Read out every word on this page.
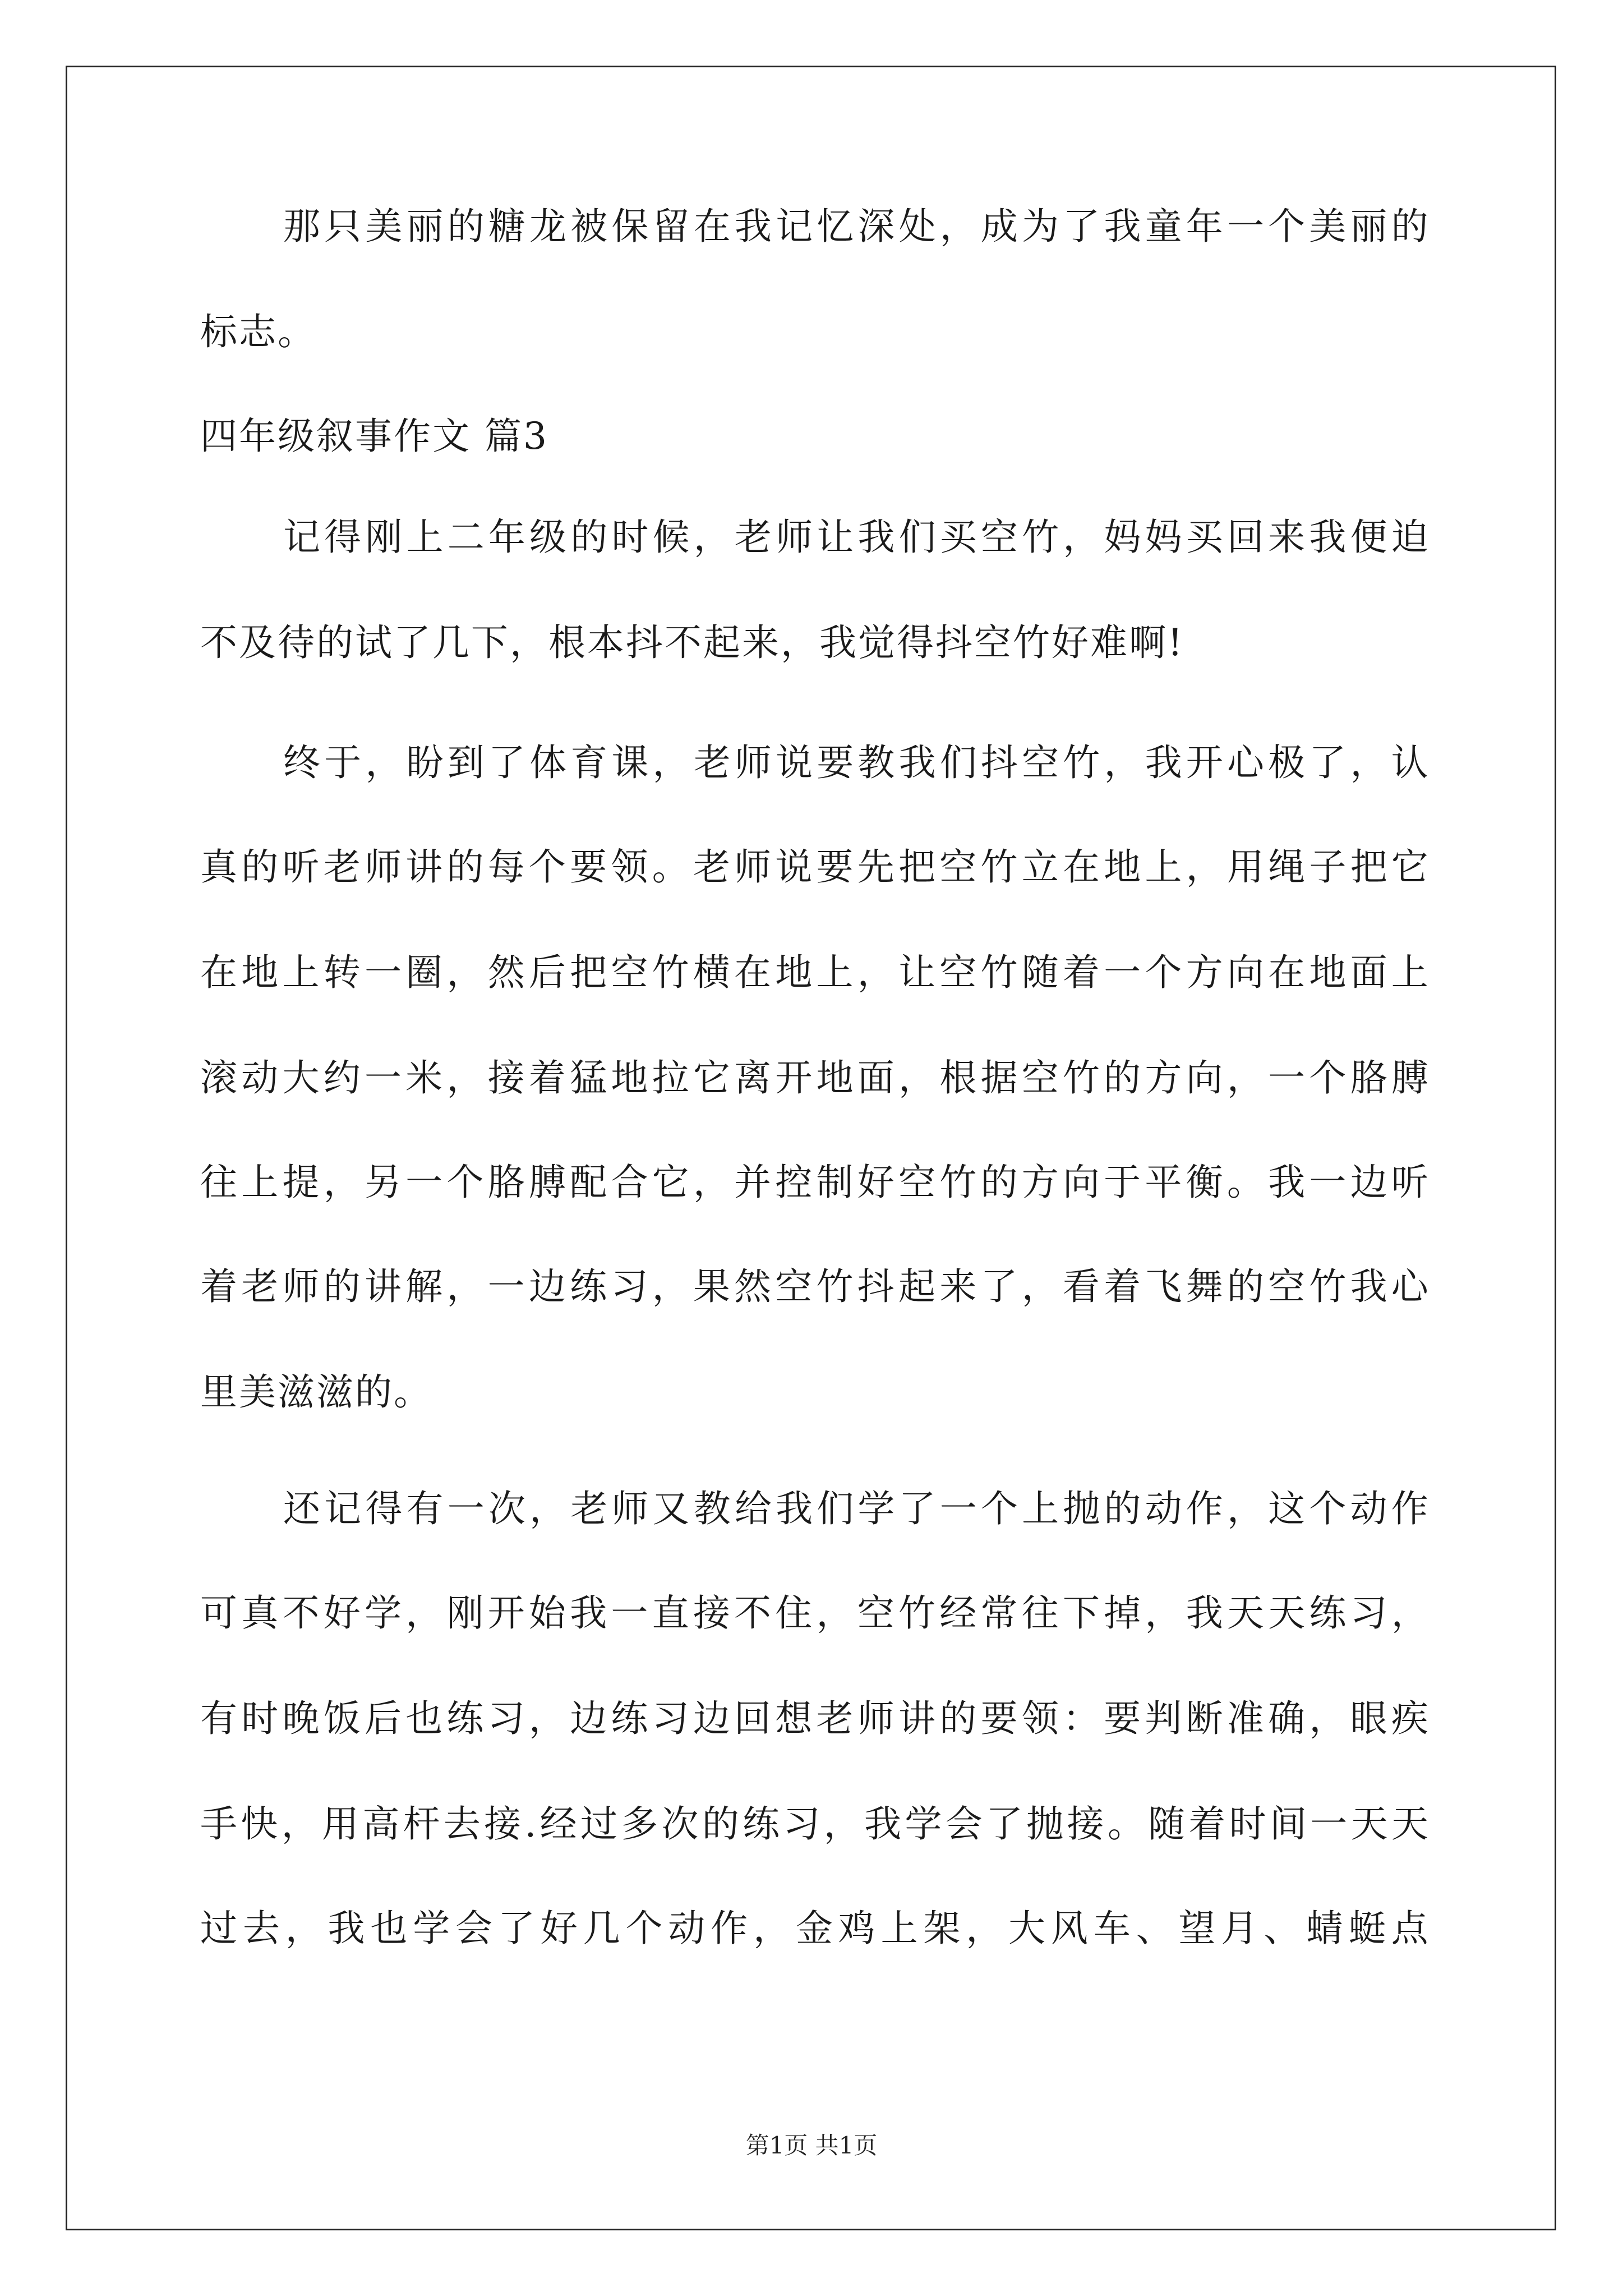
那 只 美 丽 的 糖 龙 被 保 留 在 我 记 忆 深 处 ， 成 为 了 我 童 年 一 个 美 丽 的
标志。
四年级叙事作文 篇3
记 得 刚 上 二 年 级 的 时 候 ， 老 师 让 我 们 买 空 竹 ， 妈 妈 买 回 来 我 便 迫
不及待的试了几下，根本抖不起来，我觉得抖空竹好难啊!
终 于 ， 盼 到 了 体 育 课 ， 老 师 说 要 教 我 们 抖 空 竹 ， 我 开 心 极 了 ， 认
真 的 听 老 师 讲 的 每 个 要 领 。 老 师 说 要 先 把 空 竹 立 在 地 上 ， 用 绳 子 把 它
在 地 上 转 一 圈 ， 然 后 把 空 竹 横 在 地 上 ， 让 空 竹 随 着 一 个 方 向 在 地 面 上
滚 动 大 约 一 米 ， 接 着 猛 地 拉 它 离 开 地 面 ， 根 据 空 竹 的 方 向 ， 一 个 胳 膊
往 上 提 ， 另 一 个 胳 膊 配 合 它 ， 并 控 制 好 空 竹 的 方 向 于 平 衡 。 我 一 边 听
着 老 师 的 讲 解 ， 一 边 练 习 ， 果 然 空 竹 抖 起 来 了 ， 看 着 飞 舞 的 空 竹 我 心
里美滋滋的。
还 记 得 有 一 次 ， 老 师 又 教 给 我 们 学 了 一 个 上 抛 的 动 作 ， 这 个 动 作
可 真 不 好 学 ， 刚 开 始 我 一 直 接 不 住 ， 空 竹 经 常 往 下 掉 ， 我 天 天 练 习 ，
有 时 晚 饭 后 也 练 习 ， 边 练 习 边 回 想 老 师 讲 的 要 领 ： 要 判 断 准 确 ， 眼 疾
手 快 ， 用 高 杆 去 接 . 经 过 多 次 的 练 习 ， 我 学 会 了 抛 接 。 随 着 时 间 一 天 天
过 去 ， 我 也 学 会 了 好 几 个 动 作 ， 金 鸡 上 架 ， 大 风 车 、 望 月 、 蜻 蜓 点
第1页 共1页
